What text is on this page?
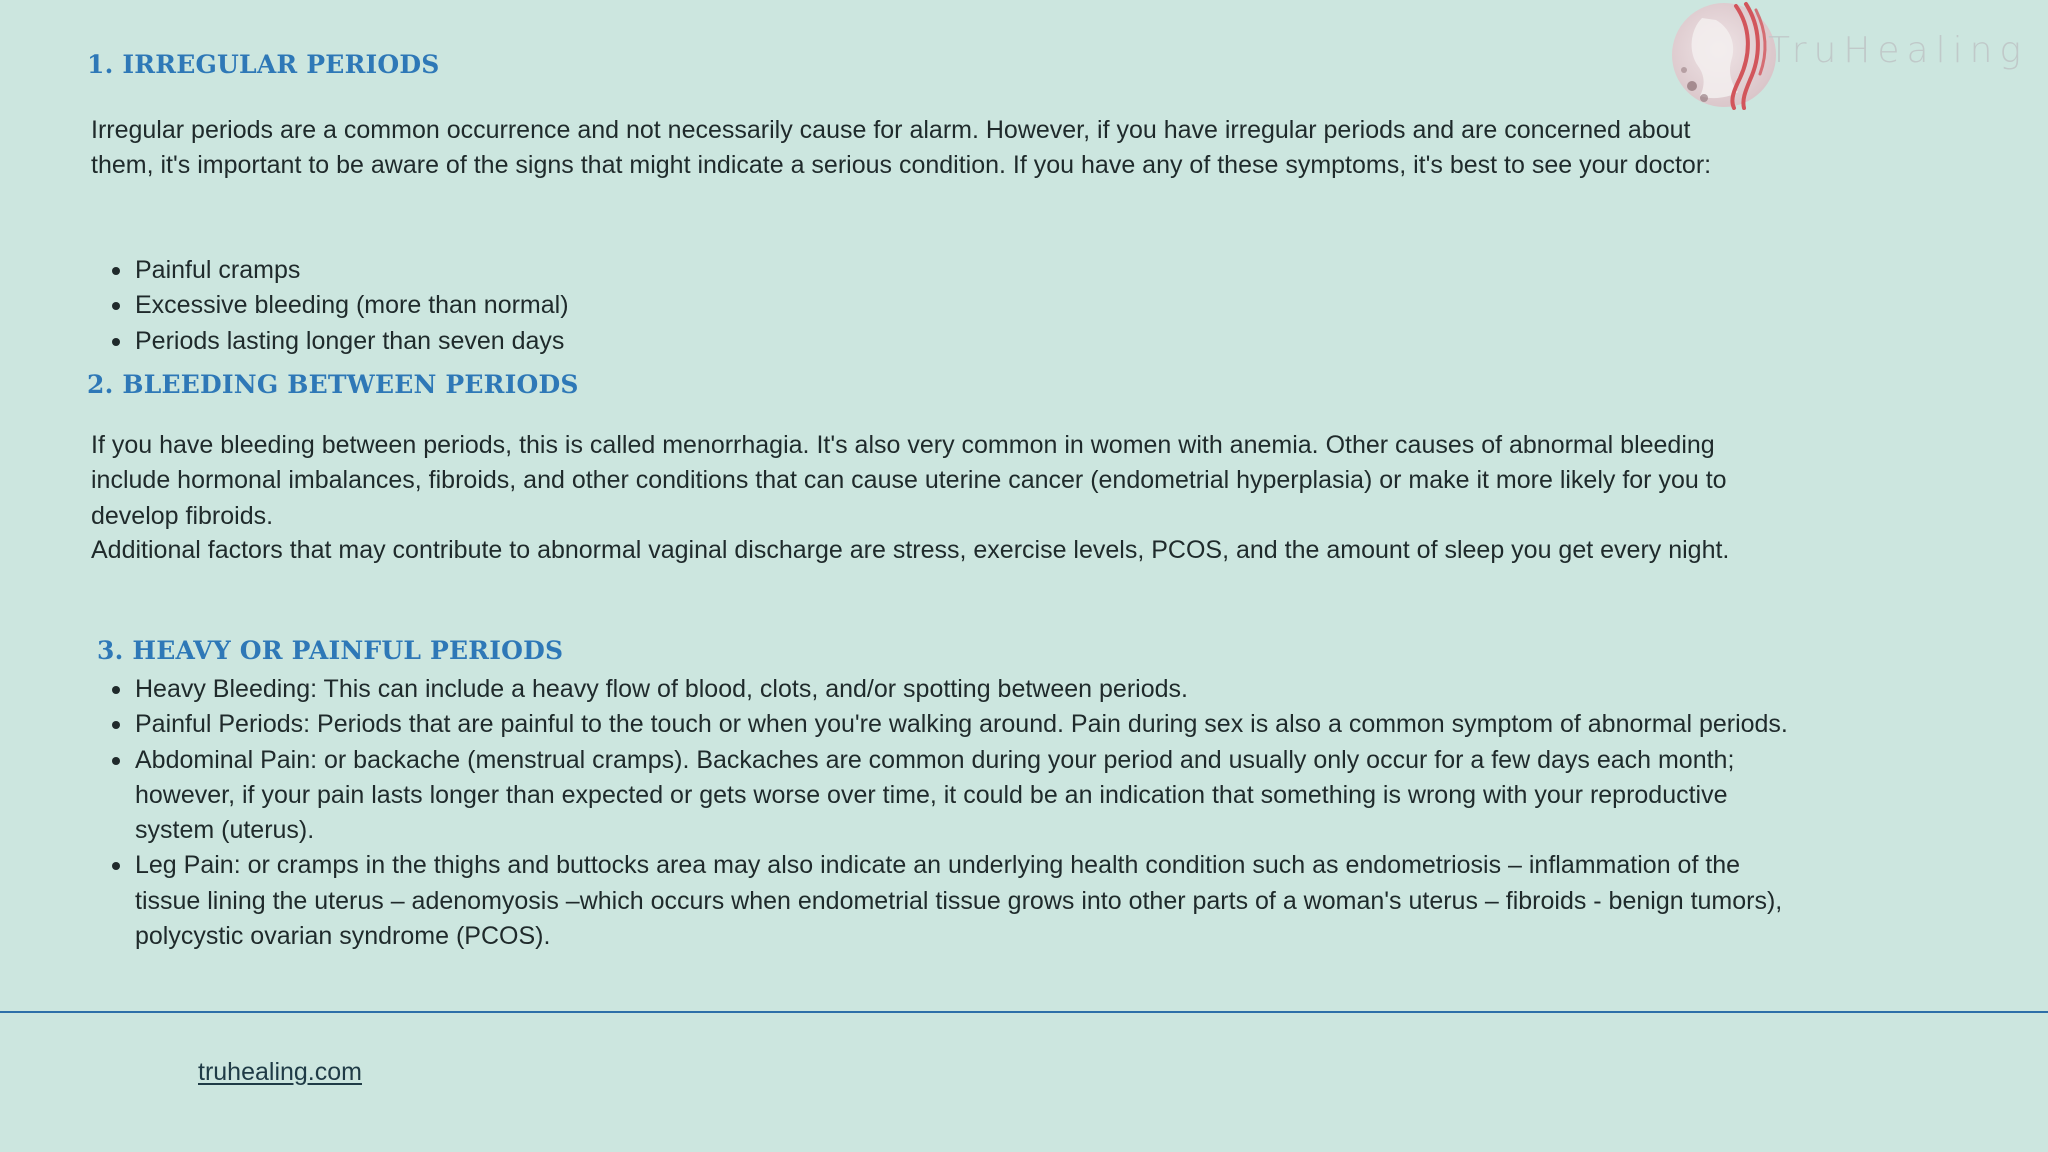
TruHealing
1. IRREGULAR PERIODS

Irregular periods are a common occurrence and not necessarily cause for alarm. However, if you have irregular periods and are concerned about them, it's important to be aware of the signs that might indicate a serious condition. If you have any of these symptoms, it's best to see your doctor:

Painful cramps
Excessive bleeding (more than normal)
Periods lasting longer than seven days
2. BLEEDING BETWEEN PERIODS

If you have bleeding between periods, this is called menorrhagia. It's also very common in women with anemia. Other causes of abnormal bleeding include hormonal imbalances, fibroids, and other conditions that can cause uterine cancer (endometrial hyperplasia) or make it more likely for you to develop fibroids.

Additional factors that may contribute to abnormal vaginal discharge are stress, exercise levels, PCOS, and the amount of sleep you get every night.

3. HEAVY OR PAINFUL PERIODS
Heavy Bleeding: This can include a heavy flow of blood, clots, and/or spotting between periods.
Painful Periods: Periods that are painful to the touch or when you're walking around. Pain during sex is also a common symptom of abnormal periods.
Abdominal Pain: or backache (menstrual cramps). Backaches are common during your period and usually only occur for a few days each month; however, if your pain lasts longer than expected or gets worse over time, it could be an indication that something is wrong with your reproductive system (uterus).
Leg Pain: or cramps in the thighs and buttocks area may also indicate an underlying health condition such as endometriosis – inflammation of the tissue lining the uterus – adenomyosis –which occurs when endometrial tissue grows into other parts of a woman's uterus – fibroids - benign tumors), polycystic ovarian syndrome (PCOS).
truhealing.com
